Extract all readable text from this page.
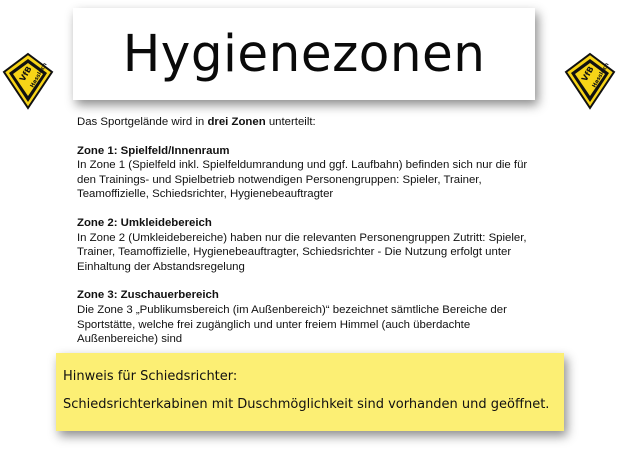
VfB
Hassloch Hygienezonen	VfB
Hassloch

Das Sportgelände wird in drei Zonen unterteilt:

Zone 1: Spielfeld/Innenraum

In Zone 1 (Spielfeld inkl. Spielfeldumrandung und ggf. Laufbahn) befinden sich nur die für

den Trainings- und Spielbetrieb notwendigen Personengruppen: Spieler, Trainer,

Teamoffizielle, Schiedsrichter, Hygienebeauftragter

Zone 2: Umkleidebereich

In Zone 2 (Umkleidebereiche) haben nur die relevanten Personengruppen Zutritt: Spieler,

Trainer, Teamoffizielle, Hygienebeauftragter, Schiedsrichter - Die Nutzung erfolgt unter

Einhaltung der Abstandsregelung

Zone 3: Zuschauerbereich

Die Zone 3 „Publikumsbereich (im Außenbereich)“ bezeichnet sämtliche Bereiche der

Sportstätte, welche frei zugänglich und unter freiem Himmel (auch überdachte

Außenbereiche) sind

Hinweis für Schiedsrichter:
Schiedsrichterkabinen mit Duschmöglichkeit sind vorhanden und geöffnet.
